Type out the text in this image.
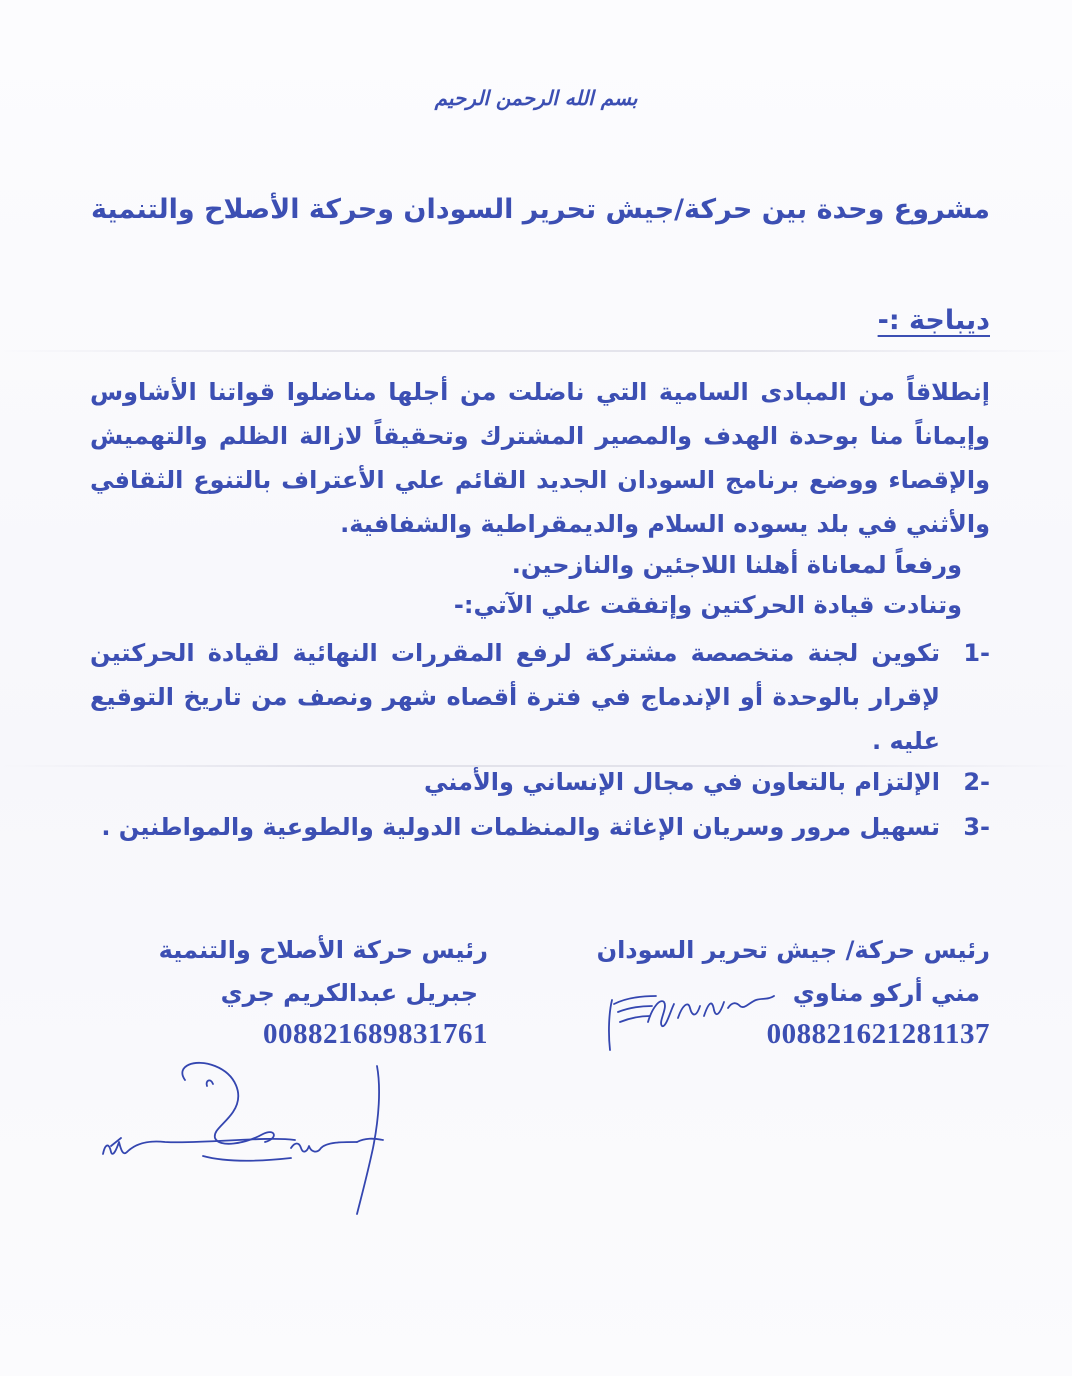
بسم الله الرحمن الرحيم
مشروع وحدة بين حركة/جيش تحرير السودان وحركة الأصلاح والتنمية
ديباجة :-
إنطلاقاً من المبادى السامية التي ناضلت من أجلها مناضلوا قواتنا الأشاوس وإيماناً منا بوحدة الهدف والمصير المشترك وتحقيقاً لازالة الظلم والتهميش والإقصاء ووضع برنامج السودان الجديد القائم علي الأعتراف بالتنوع الثقافي والأثني في بلد يسوده السلام والديمقراطية والشفافية.
ورفعاً لمعاناة أهلنا اللاجئين والنازحين.
وتنادت قيادة الحركتين وإتفقت علي الآتي:-
1-
تكوين لجنة متخصصة مشتركة لرفع المقررات النهائية لقيادة الحركتين لإقرار بالوحدة أو الإندماج في فترة أقصاه شهر ونصف من تاريخ التوقيع عليه .
2-
الإلتزام بالتعاون في مجال الإنساني والأمني
3-
تسهيل مرور وسريان الإغاثة والمنظمات الدولية والطوعية والمواطنين .
رئيس حركة/ جيش تحرير السودان
مني أركو مناوي
008821621281137
رئيس حركة الأصلاح والتنمية
جبريل عبدالكريم جري
008821689831761
